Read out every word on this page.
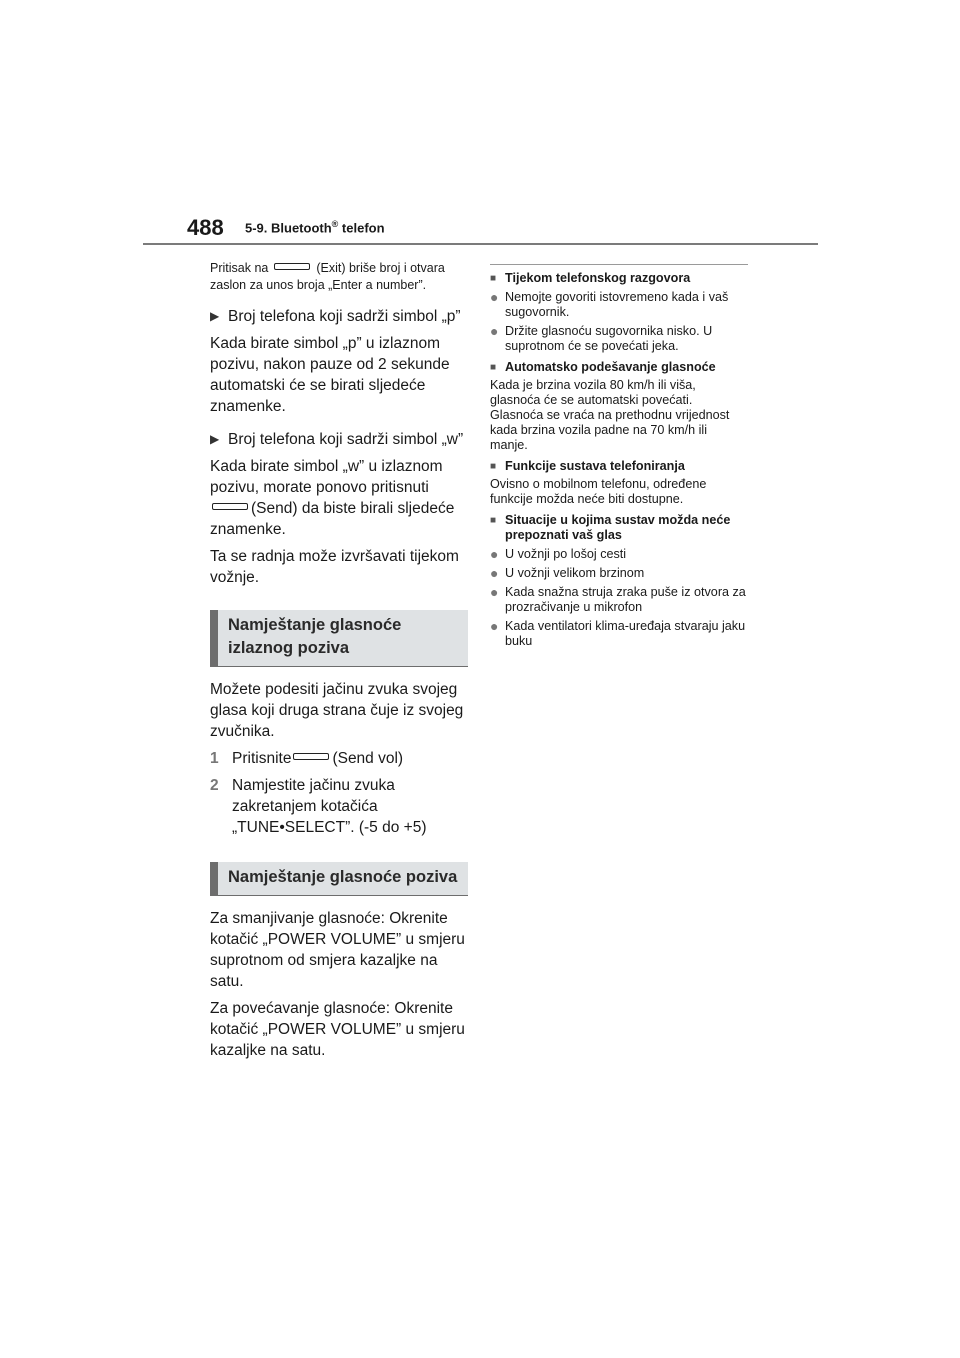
488 5-9. Bluetooth® telefon

Pritisak na	(Exit) briše broj i otvara zaslon za unos broja „Enter a number”.

▶ Broj telefona koji sadrži simbol „p”

Kada birate simbol „p” u izlaznom pozivu, nakon pauze od 2 sekunde automatski će se birati sljedeće znamenke.

▶ Broj telefona koji sadrži simbol „w”

Kada birate simbol „w” u izlaznom pozivu, morate ponovo pritisnuti
(Send) da biste birali sljedeće znamenke.

Ta se radnja može izvršavati tijekom vožnje.

Namještanje glasnoće izlaznog poziva

Možete podesiti jačinu zvuka svojeg glasa koji druga strana čuje iz svojeg zvučnika.

1 Pritisnite	(Send vol)
2 Namjestite jačinu zvuka zakretanjem kotačića „TUNE•SELECT”. (-5 do +5)
Namještanje glasnoće poziva

Za smanjivanje glasnoće: Okrenite kotačić „POWER VOLUME” u smjeru suprotnom od smjera kazaljke na satu.

Za povećavanje glasnoće: Okrenite kotačić „POWER VOLUME” u smjeru kazaljke na satu.

■ Tijekom telefonskog razgovora
● Nemojte govoriti istovremeno kada i vaš sugovornik.
● Držite glasnoću sugovornika nisko. U suprotnom će se povećati jeka.
■ Automatsko podešavanje glasnoće

Kada je brzina vozila 80 km/h ili viša, glasnoća će se automatski povećati. Glasnoća se vraća na prethodnu vrijednost kada brzina vozila padne na 70 km/h ili manje.

■ Funkcije sustava telefoniranja

Ovisno o mobilnom telefonu, određene funkcije možda neće biti dostupne.

■ Situacije u kojima sustav možda neće prepoznati vaš glas
● U vožnji po lošoj cesti
● U vožnji velikom brzinom
● Kada snažna struja zraka puše iz otvora za prozračivanje u mikrofon
● Kada ventilatori klima-uređaja stvaraju jaku buku
